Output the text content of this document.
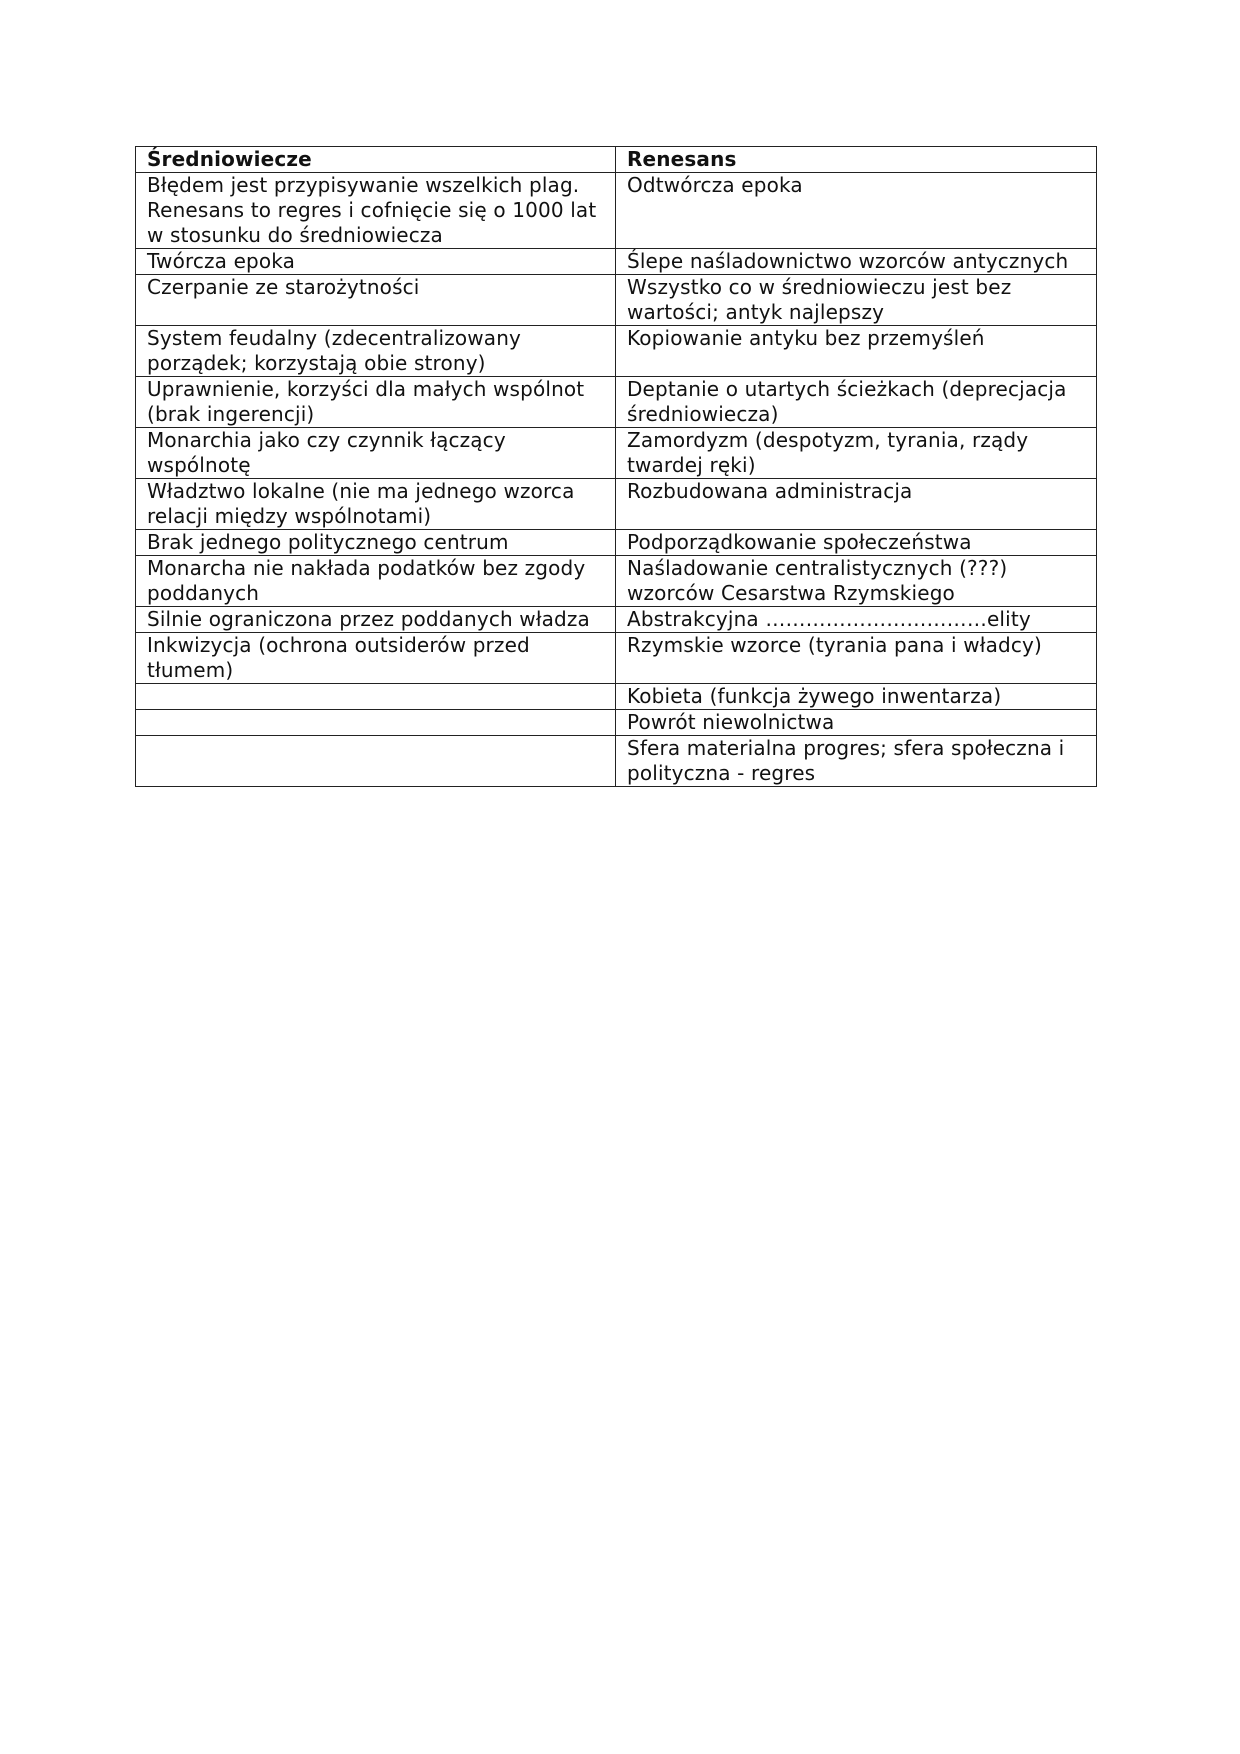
Średniowiecze	Renesans
Błędem jest przypisywanie wszelkich plag. Renesans to regres i cofnięcie się o 1000 lat w stosunku do średniowiecza	Odtwórcza epoka
Twórcza epoka	Ślepe naśladownictwo wzorców antycznych
Czerpanie ze starożytności	Wszystko co w średniowieczu jest bez wartości; antyk najlepszy
System feudalny (zdecentralizowany porządek; korzystają obie strony)	Kopiowanie antyku bez przemyśleń
Uprawnienie, korzyści dla małych wspólnot (brak ingerencji)	Deptanie o utartych ścieżkach (deprecjacja średniowiecza)
Monarchia jako czy czynnik łączący wspólnotę	Zamordyzm (despotyzm, tyrania, rządy twardej ręki)
Władztwo lokalne (nie ma jednego wzorca relacji między wspólnotami)	Rozbudowana administracja
Brak jednego politycznego centrum	Podporządkowanie społeczeństwa
Monarcha nie nakłada podatków bez zgody poddanych	Naśladowanie centralistycznych (???) wzorców Cesarstwa Rzymskiego
Silnie ograniczona przez poddanych władza	Abstrakcyjna ……………………………elity
Inkwizycja (ochrona outsiderów przed tłumem)	Rzymskie wzorce (tyrania pana i władcy)
	Kobieta (funkcja żywego inwentarza)
	Powrót niewolnictwa
	Sfera materialna progres; sfera społeczna i polityczna - regres
